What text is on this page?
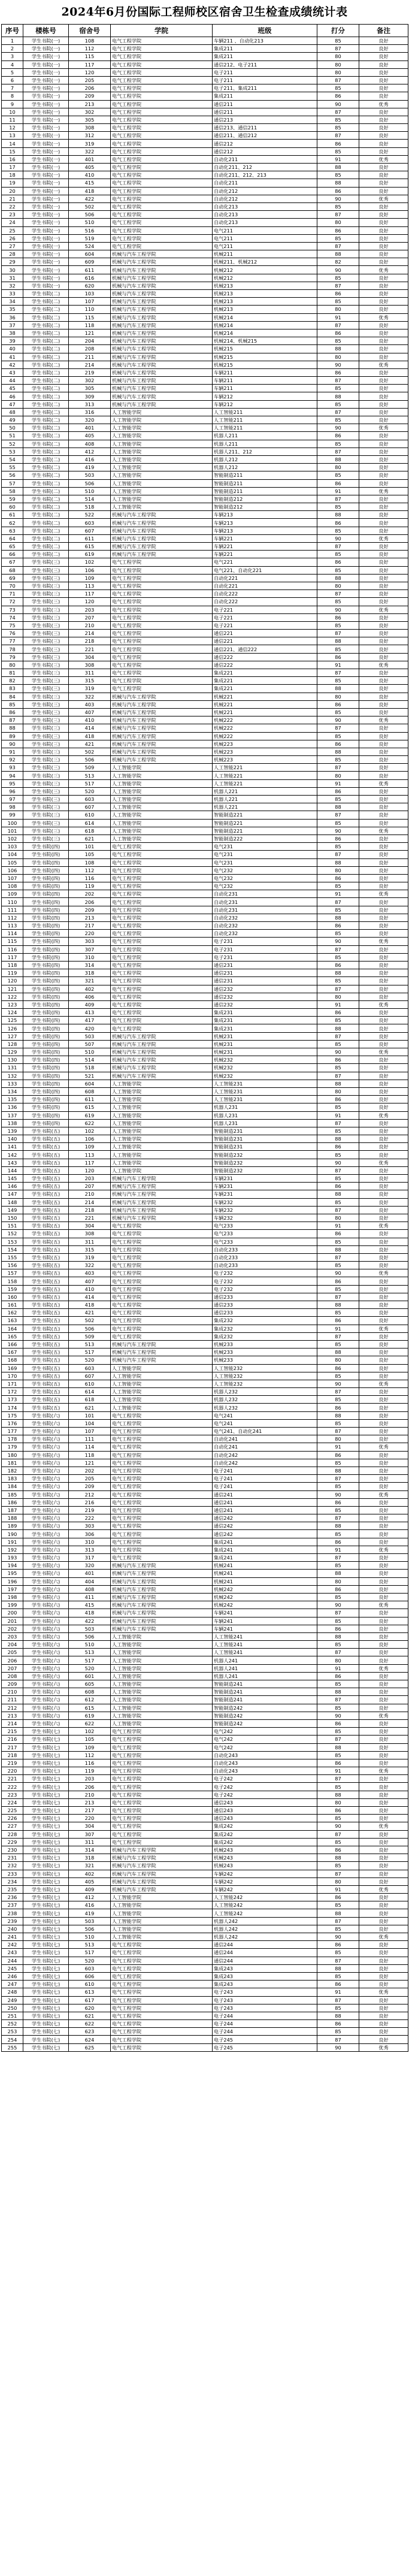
2024年6月份国际工程师校区宿舍卫生检查成绩统计表
序号	楼栋号	宿舍号	学院	班级	打分	备注
1	学生书院(一)	108	电气工程学院	车辆211 、自动化213	85	良好
2	学生书院(一)	112	电气工程学院	集成211	87	良好
3	学生书院(一)	115	电气工程学院	集成211	80	良好
4	学生书院(一)	117	电气工程学院	通信212、电子211	80	良好
5	学生书院(一)	120	电气工程学院	电子211	80	良好
6	学生书院(一)	205	电气工程学院	电子211	87	良好
7	学生书院(一)	206	电气工程学院	电子211、集成211	85	良好
8	学生书院(一)	209	电气工程学院	集成211	86	良好
9	学生书院(一)	213	电气工程学院	通信211	90	优秀
10	学生书院(一)	302	电气工程学院	通信211	87	良好
11	学生书院(一)	305	电气工程学院	通信213	85	良好
12	学生书院(一)	308	电气工程学院	通信213、通信211	85	良好
13	学生书院(一)	312	电气工程学院	通信211、通信212	87	良好
14	学生书院(一)	319	电气工程学院	通信212	86	良好
15	学生书院(一)	322	电气工程学院	通信212	85	良好
16	学生书院(一)	401	电气工程学院	自动化211	91	优秀
17	学生书院(一)	405	电气工程学院	自动化211、212	88	良好
18	学生书院(一)	410	电气工程学院	自动化211、212、213	85	良好
19	学生书院(一)	415	电气工程学院	自动化211	88	良好
20	学生书院(一)	418	电气工程学院	自动化212	86	良好
21	学生书院(一)	422	电气工程学院	自动化212	90	优秀
22	学生书院(一)	502	电气工程学院	自动化213	85	良好
23	学生书院(一)	506	电气工程学院	自动化213	87	良好
24	学生书院(一)	510	电气工程学院	自动化213	80	良好
25	学生书院(一)	516	电气工程学院	电气211	86	良好
26	学生书院(一)	519	电气工程学院	电气211	85	良好
27	学生书院(一)	524	电气工程学院	电气211	87	良好
28	学生书院(一)	604	机械与汽车工程学院	机械211	88	良好
29	学生书院(一)	609	机械与汽车工程学院	机械211、机械212	82	良好
30	学生书院(一)	611	机械与汽车工程学院	机械212	90	优秀
31	学生书院(一)	616	机械与汽车工程学院	机械212	85	良好
32	学生书院(一)	620	机械与汽车工程学院	机械213	87	良好
33	学生书院(二)	103	机械与汽车工程学院	机械213	86	良好
34	学生书院(二)	107	机械与汽车工程学院	机械213	85	良好
35	学生书院(二)	110	机械与汽车工程学院	机械213	80	良好
36	学生书院(二)	115	机械与汽车工程学院	机械214	91	优秀
37	学生书院(二)	118	机械与汽车工程学院	机械214	87	良好
38	学生书院(二)	121	机械与汽车工程学院	机械214	86	良好
39	学生书院(二)	204	机械与汽车工程学院	机械214、机械215	85	良好
40	学生书院(二)	208	机械与汽车工程学院	机械215	88	良好
41	学生书院(二)	211	机械与汽车工程学院	机械215	80	良好
42	学生书院(二)	214	机械与汽车工程学院	机械215	90	优秀
43	学生书院(二)	219	机械与汽车工程学院	车辆211	86	良好
44	学生书院(二)	302	机械与汽车工程学院	车辆211	87	良好
45	学生书院(二)	305	机械与汽车工程学院	车辆211	85	良好
46	学生书院(二)	309	机械与汽车工程学院	车辆212	88	良好
47	学生书院(二)	313	机械与汽车工程学院	车辆212	85	良好
48	学生书院(二)	316	人工智能学院	人工智能211	87	良好
49	学生书院(二)	320	人工智能学院	人工智能211	85	良好
50	学生书院(二)	401	人工智能学院	人工智能211	90	优秀
51	学生书院(二)	405	人工智能学院	机器人211	86	良好
52	学生书院(二)	408	人工智能学院	机器人211	85	良好
53	学生书院(二)	412	人工智能学院	机器人211、212	87	良好
54	学生书院(二)	416	人工智能学院	机器人212	88	良好
55	学生书院(二)	419	人工智能学院	机器人212	80	良好
56	学生书院(二)	503	人工智能学院	智能制造211	85	良好
57	学生书院(二)	506	人工智能学院	智能制造211	86	良好
58	学生书院(二)	510	人工智能学院	智能制造211	91	优秀
59	学生书院(二)	514	人工智能学院	智能制造212	87	良好
60	学生书院(二)	518	人工智能学院	智能制造212	85	良好
61	学生书院(二)	522	机械与汽车工程学院	车辆213	88	良好
62	学生书院(二)	603	机械与汽车工程学院	车辆213	86	良好
63	学生书院(二)	607	机械与汽车工程学院	车辆213	85	良好
64	学生书院(二)	611	机械与汽车工程学院	车辆221	90	优秀
65	学生书院(二)	615	机械与汽车工程学院	车辆221	87	良好
66	学生书院(二)	619	机械与汽车工程学院	车辆221	85	良好
67	学生书院(三)	102	电气工程学院	电气221	86	良好
68	学生书院(三)	106	电气工程学院	电气221、自动化221	85	良好
69	学生书院(三)	109	电气工程学院	自动化221	88	良好
70	学生书院(三)	113	电气工程学院	自动化221	80	良好
71	学生书院(三)	117	电气工程学院	自动化222	87	良好
72	学生书院(三)	120	电气工程学院	自动化222	85	良好
73	学生书院(三)	203	电气工程学院	电子221	90	优秀
74	学生书院(三)	207	电气工程学院	电子221	86	良好
75	学生书院(三)	210	电气工程学院	电子221	85	良好
76	学生书院(三)	214	电气工程学院	通信221	87	良好
77	学生书院(三)	218	电气工程学院	通信221	88	良好
78	学生书院(三)	221	电气工程学院	通信221、通信222	85	良好
79	学生书院(三)	304	电气工程学院	通信222	86	良好
80	学生书院(三)	308	电气工程学院	通信222	91	优秀
81	学生书院(三)	311	电气工程学院	集成221	87	良好
82	学生书院(三)	315	电气工程学院	集成221	85	良好
83	学生书院(三)	319	电气工程学院	集成221	88	良好
84	学生书院(三)	322	机械与汽车工程学院	机械221	80	良好
85	学生书院(三)	403	机械与汽车工程学院	机械221	86	良好
86	学生书院(三)	407	机械与汽车工程学院	机械221	85	良好
87	学生书院(三)	410	机械与汽车工程学院	机械222	90	优秀
88	学生书院(三)	414	机械与汽车工程学院	机械222	87	良好
89	学生书院(三)	418	机械与汽车工程学院	机械222	85	良好
90	学生书院(三)	421	机械与汽车工程学院	机械223	86	良好
91	学生书院(三)	502	机械与汽车工程学院	机械223	88	良好
92	学生书院(三)	506	机械与汽车工程学院	机械223	85	良好
93	学生书院(三)	509	人工智能学院	人工智能221	87	良好
94	学生书院(三)	513	人工智能学院	人工智能221	80	良好
95	学生书院(三)	517	人工智能学院	人工智能221	91	优秀
96	学生书院(三)	520	人工智能学院	机器人221	86	良好
97	学生书院(三)	603	人工智能学院	机器人221	85	良好
98	学生书院(三)	607	人工智能学院	机器人221	88	良好
99	学生书院(三)	610	人工智能学院	智能制造221	87	良好
100	学生书院(三)	614	人工智能学院	智能制造221	85	良好
101	学生书院(三)	618	人工智能学院	智能制造221	90	优秀
102	学生书院(三)	621	人工智能学院	智能制造222	86	良好
103	学生书院(四)	101	电气工程学院	电气231	85	良好
104	学生书院(四)	105	电气工程学院	电气231	87	良好
105	学生书院(四)	108	电气工程学院	电气231	88	良好
106	学生书院(四)	112	电气工程学院	电气232	80	良好
107	学生书院(四)	116	电气工程学院	电气232	86	良好
108	学生书院(四)	119	电气工程学院	电气232	85	良好
109	学生书院(四)	202	电气工程学院	自动化231	91	优秀
110	学生书院(四)	206	电气工程学院	自动化231	87	良好
111	学生书院(四)	209	电气工程学院	自动化231	85	良好
112	学生书院(四)	213	电气工程学院	自动化232	88	良好
113	学生书院(四)	217	电气工程学院	自动化232	86	良好
114	学生书院(四)	220	电气工程学院	自动化232	85	良好
115	学生书院(四)	303	电气工程学院	电子231	90	优秀
116	学生书院(四)	307	电气工程学院	电子231	87	良好
117	学生书院(四)	310	电气工程学院	电子231	85	良好
118	学生书院(四)	314	电气工程学院	通信231	86	良好
119	学生书院(四)	318	电气工程学院	通信231	88	良好
120	学生书院(四)	321	电气工程学院	通信231	85	良好
121	学生书院(四)	402	电气工程学院	通信232	87	良好
122	学生书院(四)	406	电气工程学院	通信232	80	良好
123	学生书院(四)	409	电气工程学院	通信232	91	优秀
124	学生书院(四)	413	电气工程学院	集成231	86	良好
125	学生书院(四)	417	电气工程学院	集成231	85	良好
126	学生书院(四)	420	电气工程学院	集成231	88	良好
127	学生书院(四)	503	机械与汽车工程学院	机械231	87	良好
128	学生书院(四)	507	机械与汽车工程学院	机械231	85	良好
129	学生书院(四)	510	机械与汽车工程学院	机械231	90	优秀
130	学生书院(四)	514	机械与汽车工程学院	机械232	86	良好
131	学生书院(四)	518	机械与汽车工程学院	机械232	85	良好
132	学生书院(四)	521	机械与汽车工程学院	机械232	87	良好
133	学生书院(四)	604	人工智能学院	人工智能231	88	良好
134	学生书院(四)	608	人工智能学院	人工智能231	80	良好
135	学生书院(四)	611	人工智能学院	人工智能231	86	良好
136	学生书院(四)	615	人工智能学院	机器人231	85	良好
137	学生书院(四)	619	人工智能学院	机器人231	91	优秀
138	学生书院(四)	622	人工智能学院	机器人231	87	良好
139	学生书院(五)	102	人工智能学院	智能制造231	85	良好
140	学生书院(五)	106	人工智能学院	智能制造231	88	良好
141	学生书院(五)	109	人工智能学院	智能制造231	86	良好
142	学生书院(五)	113	人工智能学院	智能制造232	85	良好
143	学生书院(五)	117	人工智能学院	智能制造232	90	优秀
144	学生书院(五)	120	人工智能学院	智能制造232	87	良好
145	学生书院(五)	203	机械与汽车工程学院	车辆231	85	良好
146	学生书院(五)	207	机械与汽车工程学院	车辆231	86	良好
147	学生书院(五)	210	机械与汽车工程学院	车辆231	88	良好
148	学生书院(五)	214	机械与汽车工程学院	车辆232	85	良好
149	学生书院(五)	218	机械与汽车工程学院	车辆232	87	良好
150	学生书院(五)	221	机械与汽车工程学院	车辆232	80	良好
151	学生书院(五)	304	电气工程学院	电气233	91	优秀
152	学生书院(五)	308	电气工程学院	电气233	86	良好
153	学生书院(五)	311	电气工程学院	电气233	85	良好
154	学生书院(五)	315	电气工程学院	自动化233	88	良好
155	学生书院(五)	319	电气工程学院	自动化233	87	良好
156	学生书院(五)	322	电气工程学院	自动化233	85	良好
157	学生书院(五)	403	电气工程学院	电子232	90	优秀
158	学生书院(五)	407	电气工程学院	电子232	86	良好
159	学生书院(五)	410	电气工程学院	电子232	85	良好
160	学生书院(五)	414	电气工程学院	通信233	87	良好
161	学生书院(五)	418	电气工程学院	通信233	88	良好
162	学生书院(五)	421	电气工程学院	通信233	85	良好
163	学生书院(五)	502	电气工程学院	集成232	86	良好
164	学生书院(五)	506	电气工程学院	集成232	91	优秀
165	学生书院(五)	509	电气工程学院	集成232	87	良好
166	学生书院(五)	513	机械与汽车工程学院	机械233	85	良好
167	学生书院(五)	517	机械与汽车工程学院	机械233	88	良好
168	学生书院(五)	520	机械与汽车工程学院	机械233	80	良好
169	学生书院(五)	603	人工智能学院	人工智能232	86	良好
170	学生书院(五)	607	人工智能学院	人工智能232	85	良好
171	学生书院(五)	610	人工智能学院	人工智能232	90	优秀
172	学生书院(五)	614	人工智能学院	机器人232	87	良好
173	学生书院(五)	618	人工智能学院	机器人232	85	良好
174	学生书院(五)	621	人工智能学院	机器人232	86	良好
175	学生书院(六)	101	电气工程学院	电气241	88	良好
176	学生书院(六)	104	电气工程学院	电气241	85	良好
177	学生书院(六)	107	电气工程学院	电气241、自动化241	87	良好
178	学生书院(六)	111	电气工程学院	自动化241	80	良好
179	学生书院(六)	114	电气工程学院	自动化241	91	优秀
180	学生书院(六)	118	电气工程学院	自动化242	86	良好
181	学生书院(六)	121	电气工程学院	自动化242	85	良好
182	学生书院(六)	202	电气工程学院	电子241	88	良好
183	学生书院(六)	205	电气工程学院	电子241	87	良好
184	学生书院(六)	209	电气工程学院	电子241	85	良好
185	学生书院(六)	212	电气工程学院	通信241	90	优秀
186	学生书院(六)	216	电气工程学院	通信241	86	良好
187	学生书院(六)	219	电气工程学院	通信241	85	良好
188	学生书院(六)	222	电气工程学院	通信242	87	良好
189	学生书院(六)	303	电气工程学院	通信242	88	良好
190	学生书院(六)	306	电气工程学院	通信242	85	良好
191	学生书院(六)	310	电气工程学院	集成241	86	良好
192	学生书院(六)	313	电气工程学院	集成241	91	优秀
193	学生书院(六)	317	电气工程学院	集成241	87	良好
194	学生书院(六)	320	机械与汽车工程学院	机械241	85	良好
195	学生书院(六)	401	机械与汽车工程学院	机械241	88	良好
196	学生书院(六)	404	机械与汽车工程学院	机械241	80	良好
197	学生书院(六)	408	机械与汽车工程学院	机械242	86	良好
198	学生书院(六)	411	机械与汽车工程学院	机械242	85	良好
199	学生书院(六)	415	机械与汽车工程学院	机械242	90	优秀
200	学生书院(六)	418	机械与汽车工程学院	车辆241	87	良好
201	学生书院(六)	422	机械与汽车工程学院	车辆241	85	良好
202	学生书院(六)	503	机械与汽车工程学院	车辆241	86	良好
203	学生书院(六)	506	人工智能学院	人工智能241	88	良好
204	学生书院(六)	510	人工智能学院	人工智能241	85	良好
205	学生书院(六)	513	人工智能学院	人工智能241	87	良好
206	学生书院(六)	517	人工智能学院	机器人241	80	良好
207	学生书院(六)	520	人工智能学院	机器人241	91	优秀
208	学生书院(六)	601	人工智能学院	机器人241	86	良好
209	学生书院(六)	605	人工智能学院	智能制造241	85	良好
210	学生书院(六)	608	人工智能学院	智能制造241	88	良好
211	学生书院(六)	612	人工智能学院	智能制造241	87	良好
212	学生书院(六)	615	人工智能学院	智能制造242	85	良好
213	学生书院(六)	619	人工智能学院	智能制造242	90	优秀
214	学生书院(六)	622	人工智能学院	智能制造242	86	良好
215	学生书院(七)	102	电气工程学院	电气242	85	良好
216	学生书院(七)	105	电气工程学院	电气242	87	良好
217	学生书院(七)	109	电气工程学院	电气242	88	良好
218	学生书院(七)	112	电气工程学院	自动化243	85	良好
219	学生书院(七)	116	电气工程学院	自动化243	86	良好
220	学生书院(七)	119	电气工程学院	自动化243	91	优秀
221	学生书院(七)	203	电气工程学院	电子242	87	良好
222	学生书院(七)	206	电气工程学院	电子242	85	良好
223	学生书院(七)	210	电气工程学院	电子242	88	良好
224	学生书院(七)	213	电气工程学院	通信243	80	良好
225	学生书院(七)	217	电气工程学院	通信243	86	良好
226	学生书院(七)	220	电气工程学院	通信243	85	良好
227	学生书院(七)	304	电气工程学院	集成242	90	优秀
228	学生书院(七)	307	电气工程学院	集成242	87	良好
229	学生书院(七)	311	电气工程学院	集成242	85	良好
230	学生书院(七)	314	机械与汽车工程学院	机械243	86	良好
231	学生书院(七)	318	机械与汽车工程学院	机械243	88	良好
232	学生书院(七)	321	机械与汽车工程学院	机械243	85	良好
233	学生书院(七)	402	机械与汽车工程学院	车辆242	87	良好
234	学生书院(七)	405	机械与汽车工程学院	车辆242	80	良好
235	学生书院(七)	409	机械与汽车工程学院	车辆242	91	优秀
236	学生书院(七)	412	人工智能学院	人工智能242	86	良好
237	学生书院(七)	416	人工智能学院	人工智能242	85	良好
238	学生书院(七)	419	人工智能学院	人工智能242	88	良好
239	学生书院(七)	503	人工智能学院	机器人242	87	良好
240	学生书院(七)	506	人工智能学院	机器人242	85	良好
241	学生书院(七)	510	人工智能学院	机器人242	90	优秀
242	学生书院(七)	513	电气工程学院	通信244	86	良好
243	学生书院(七)	517	电气工程学院	通信244	85	良好
244	学生书院(七)	520	电气工程学院	通信244	87	良好
245	学生书院(七)	603	电气工程学院	集成243	88	良好
246	学生书院(七)	606	电气工程学院	集成243	85	良好
247	学生书院(七)	610	电气工程学院	集成243	86	良好
248	学生书院(七)	613	电气工程学院	电子243	91	优秀
249	学生书院(七)	617	电气工程学院	电子243	87	良好
250	学生书院(七)	620	电气工程学院	电子243	85	良好
251	学生书院(七)	621	电气工程学院	电子244	88	良好
252	学生书院(七)	622	电气工程学院	电子244	86	良好
253	学生书院(七)	623	电气工程学院	电子244	85	良好
254	学生书院(七)	624	电气工程学院	电子245	87	良好
255	学生书院(七)	625	电气工程学院	电子245	90	优秀
